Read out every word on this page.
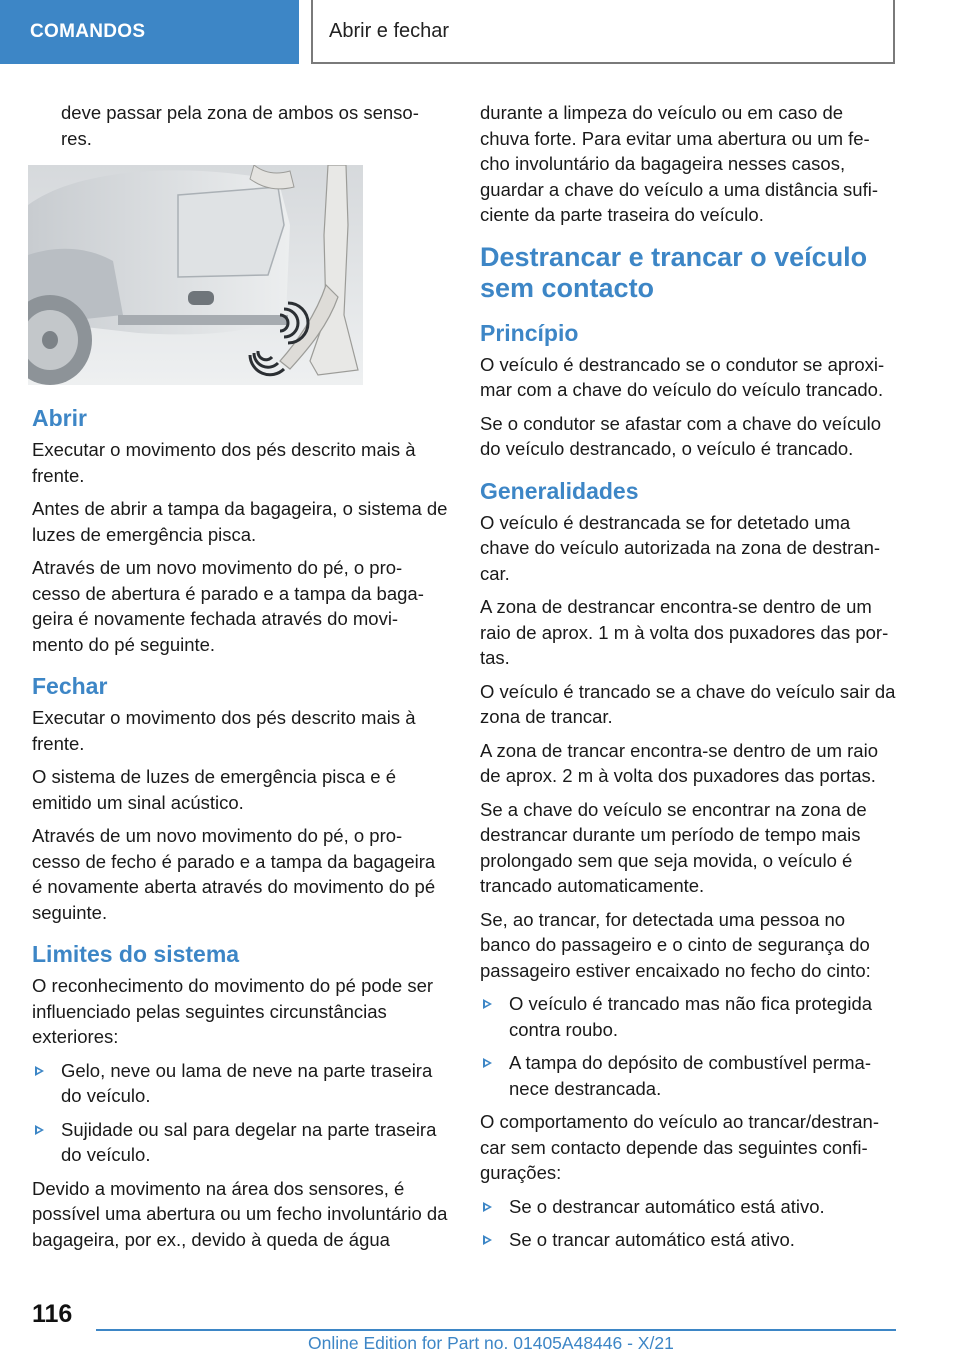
COMANDOS	Abrir e fechar

deve passar pela zona de ambos os senso‐res.

Abrir

Executar o movimento dos pés descrito mais à frente.

Antes de abrir a tampa da bagageira, o sistema de luzes de emergência pisca.

Através de um novo movimento do pé, o pro‐cesso de abertura é parado e a tampa da baga‐geira é novamente fechada através do movi‐mento do pé seguinte.

Fechar

Executar o movimento dos pés descrito mais à frente.

O sistema de luzes de emergência pisca e é emitido um sinal acústico.

Através de um novo movimento do pé, o pro‐cesso de fecho é parado e a tampa da bagageira é novamente aberta através do movimento do pé seguinte.

Limites do sistema

O reconhecimento do movimento do pé pode ser influenciado pelas seguintes circunstâncias exteriores:

Gelo, neve ou lama de neve na parte traseira do veículo.
Sujidade ou sal para degelar na parte traseira do veículo.

Devido a movimento na área dos sensores, é possível uma abertura ou um fecho involuntário da bagageira, por ex., devido à queda de água

durante a limpeza do veículo ou em caso de chuva forte. Para evitar uma abertura ou um fe‐cho involuntário da bagageira nesses casos, guardar a chave do veículo a uma distância sufi‐ciente da parte traseira do veículo.

Destrancar e trancar o veículo sem contacto
Princípio

O veículo é destrancado se o condutor se aproxi‐mar com a chave do veículo do veículo trancado.

Se o condutor se afastar com a chave do veículo do veículo destrancado, o veículo é trancado.

Generalidades

O veículo é destrancada se for detetado uma chave do veículo autorizada na zona de destran‐car.

A zona de destrancar encontra-se dentro de um raio de aprox. 1 m à volta dos puxadores das por‐tas.

O veículo é trancado se a chave do veículo sair da zona de trancar.

A zona de trancar encontra-se dentro de um raio de aprox. 2 m à volta dos puxadores das portas.

Se a chave do veículo se encontrar na zona de destrancar durante um período de tempo mais prolongado sem que seja movida, o veículo é trancado automaticamente.

Se, ao trancar, for detectada uma pessoa no banco do passageiro e o cinto de segurança do passageiro estiver encaixado no fecho do cinto:

O veículo é trancado mas não fica protegida contra roubo.
A tampa do depósito de combustível perma‐nece destrancada.

O comportamento do veículo ao trancar/destran‐car sem contacto depende das seguintes confi‐gurações:

Se o destrancar automático está ativo.
Se o trancar automático está ativo.
116
Online Edition for Part no. 01405A48446 - X/21
